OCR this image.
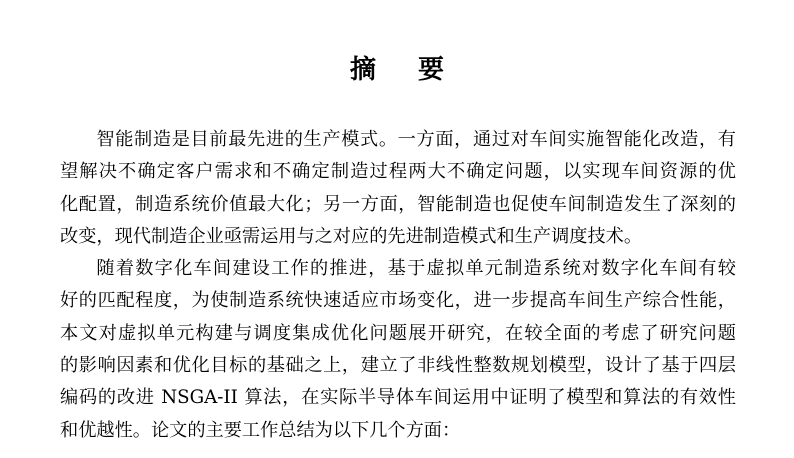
摘 要
智能制造是目前最先进的生产模式。一方面，通过对车间实施智能化改造，有
望解决不确定客户需求和不确定制造过程两大不确定问题，以实现车间资源的优
化配置，制造系统价值最大化；另一方面，智能制造也促使车间制造发生了深刻的
改变，现代制造企业亟需运用与之对应的先进制造模式和生产调度技术。
随着数字化车间建设工作的推进，基于虚拟单元制造系统对数字化车间有较
好的匹配程度，为使制造系统快速适应市场变化，进一步提高车间生产综合性能，
本文对虚拟单元构建与调度集成优化问题展开研究，在较全面的考虑了研究问题
的影响因素和优化目标的基础之上，建立了非线性整数规划模型，设计了基于四层
编码的改进 NSGA-II 算法，在实际半导体车间运用中证明了模型和算法的有效性
和优越性。论文的主要工作总结为以下几个方面：
